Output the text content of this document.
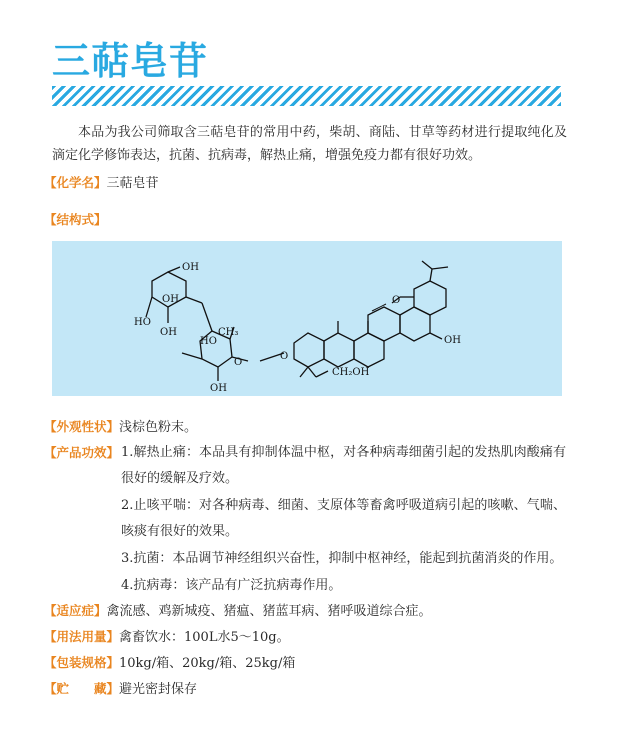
三萜皂苷
本品为我公司筛取含三萜皂苷的常用中药，柴胡、商陆、甘草等药材进行提取纯化及滴定化学修饰表达，抗菌、抗病毒，解热止痛，增强免疫力都有很好功效。
【化学名】三萜皂苷
【结构式】
OH
OH
HO
OH	CH₃
HO
O
OH
O
O
CH₂OH
OH
【外观性状】浅棕色粉末。
【产品功效】 1.解热止痛：本品具有抑制体温中枢，对各种病毒细菌引起的发热肌肉酸痛有很好的缓解及疗效。

2.止咳平喘：对各种病毒、细菌、支原体等畜禽呼吸道病引起的咳嗽、气喘、咳痰有很好的效果。

3.抗菌：本品调节神经组织兴奋性，抑制中枢神经，能起到抗菌消炎的作用。

4.抗病毒：该产品有广泛抗病毒作用。

【适应症】禽流感、鸡新城疫、猪瘟、猪蓝耳病、猪呼吸道综合症。
【用法用量】禽畜饮水：100L水5～10g。
【包装规格】10kg/箱、20kg/箱、25kg/箱
【贮　　藏】避光密封保存
